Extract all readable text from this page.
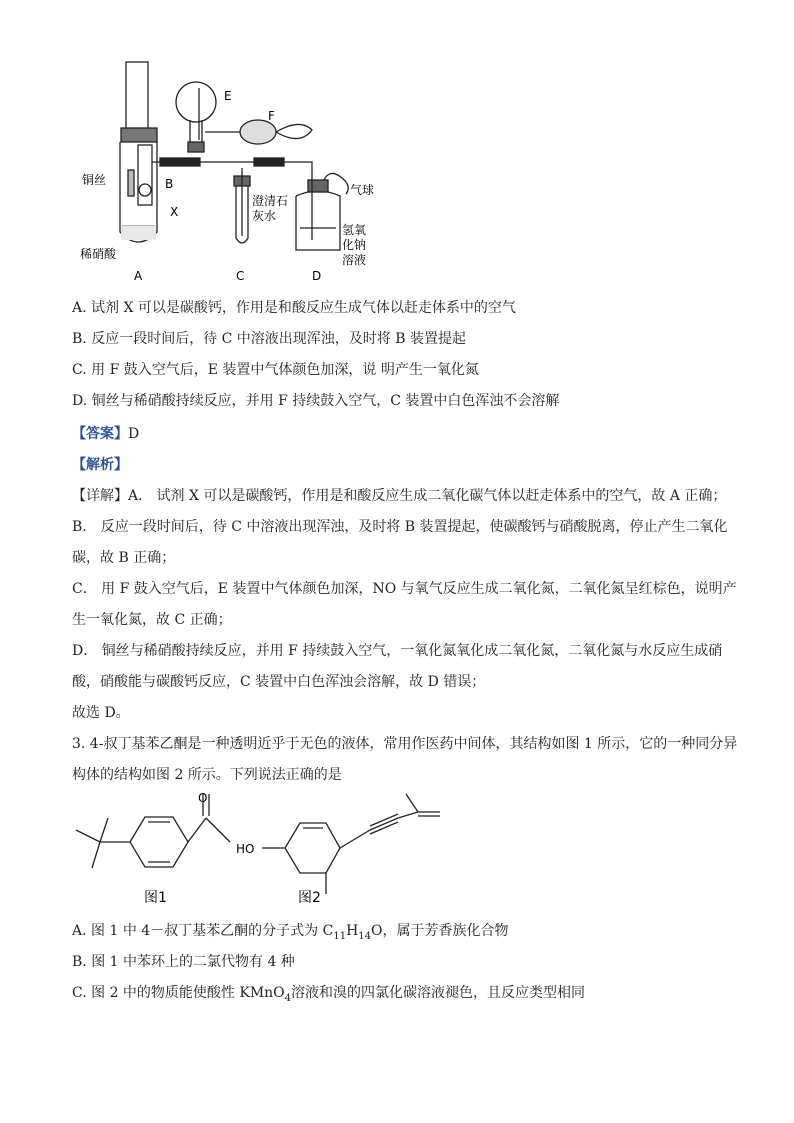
E
F
铜丝	B
X
澄清石
灰水
气球
氢氧
化钠
溶液
稀硝酸
A	C	D
A. 试剂 X 可以是碳酸钙，作用是和酸反应生成气体以赶走体系中的空气
B. 反应一段时间后，待 C 中溶液出现浑浊，及时将 B 装置提起
C. 用 F 鼓入空气后，E 装置中气体颜色加深，说 明产生一氧化氮
D. 铜丝与稀硝酸持续反应，并用 F 持续鼓入空气，C 装置中白色浑浊不会溶解
【答案】D
【解析】
【详解】A． 试剂 X 可以是碳酸钙，作用是和酸反应生成二氧化碳气体以赶走体系中的空气，故 A 正确；
B． 反应一段时间后，待 C 中溶液出现浑浊，及时将 B 装置提起，使碳酸钙与硝酸脱离，停止产生二氧化
碳，故 B 正确；
C． 用 F 鼓入空气后，E 装置中气体颜色加深，NO 与氧气反应生成二氧化氮，二氧化氮呈红棕色，说明产
生一氧化氮，故 C 正确；
D． 铜丝与稀硝酸持续反应，并用 F 持续鼓入空气，一氧化氮氧化成二氧化氮，二氧化氮与水反应生成硝
酸，硝酸能与碳酸钙反应，C 装置中白色浑浊会溶解，故 D 错误；
故选 D。
3. 4-叔丁基苯乙酮是一种透明近乎于无色的液体，常用作医药中间体，其结构如图 1 所示，它的一种同分异
构体的结构如图 2 所示。下列说法正确的是
O
HO
图1	图2
A. 图 1 中 4－叔丁基苯乙酮的分子式为 $C_{11}H_{14}O$，属于芳香族化合物
B. 图 1 中苯环上的二氯代物有 4 种
C. 图 2 中的物质能使酸性 KMnO$_4$溶液和溴的四氯化碳溶液褪色，且反应类型相同
